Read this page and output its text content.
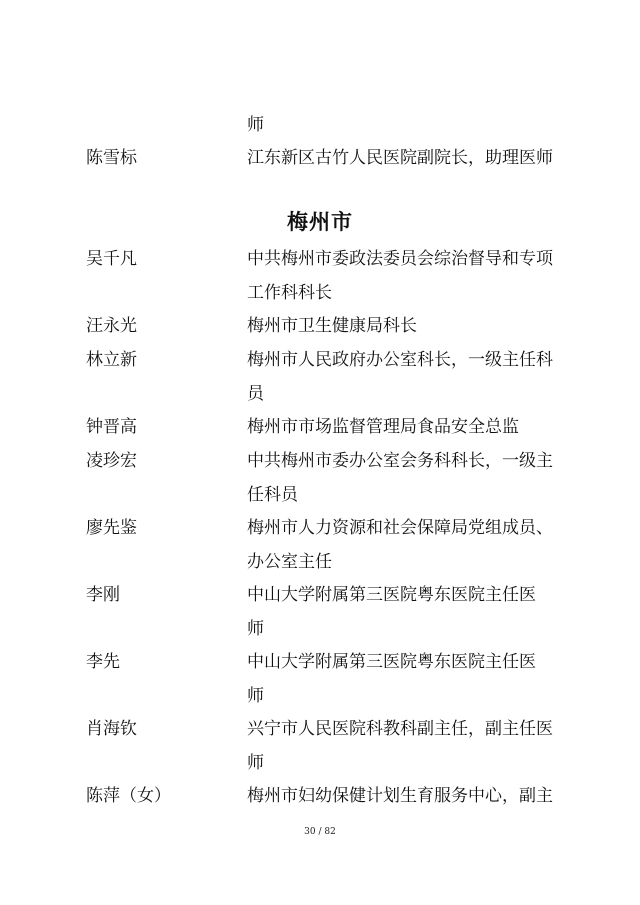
师
陈雪标	江东新区古竹人民医院副院长，助理医师
梅州市
吴千凡	中共梅州市委政法委员会综治督导和专项
工作科科长
汪永光	梅州市卫生健康局科长
林立新	梅州市人民政府办公室科长，一级主任科
员
钟晋高	梅州市市场监督管理局食品安全总监
凌珍宏	中共梅州市委办公室会务科科长，一级主
任科员
廖先鉴	梅州市人力资源和社会保障局党组成员、
办公室主任
李刚	中山大学附属第三医院粤东医院主任医
师
李先	中山大学附属第三医院粤东医院主任医
师
肖海钦	兴宁市人民医院科教科副主任，副主任医
师
陈萍（女）	梅州市妇幼保健计划生育服务中心，副主
30 / 82
